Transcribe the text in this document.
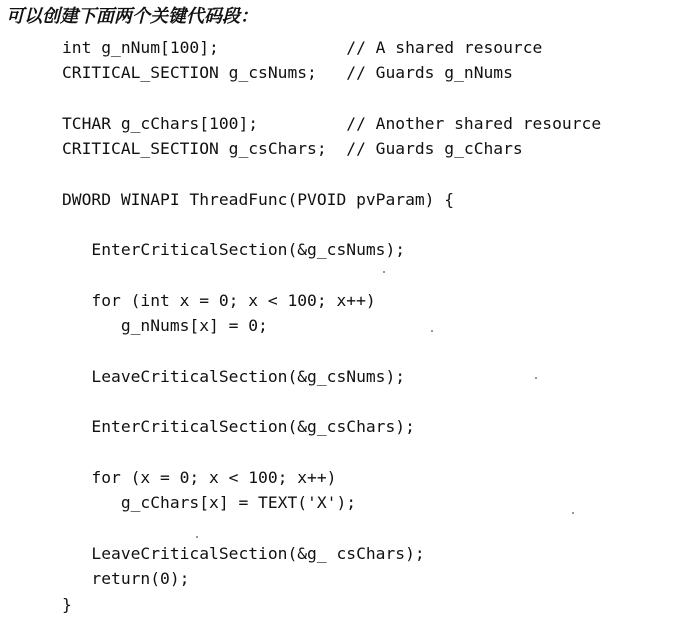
可以创建下面两个关键代码段：
int g_nNum[100];             // A shared resource
CRITICAL_SECTION g_csNums;   // Guards g_nNums
TCHAR g_cChars[100];         // Another shared resource
CRITICAL_SECTION g_csChars;  // Guards g_cChars
DWORD WINAPI ThreadFunc(PVOID pvParam) {
EnterCriticalSection(&g_csNums);
for (int x = 0; x < 100; x++)
g_nNums[x] = 0;
LeaveCriticalSection(&g_csNums);
EnterCriticalSection(&g_csChars);
for (x = 0; x < 100; x++)
g_cChars[x] = TEXT('X');
LeaveCriticalSection(&g_ csChars);
return(0);
}
